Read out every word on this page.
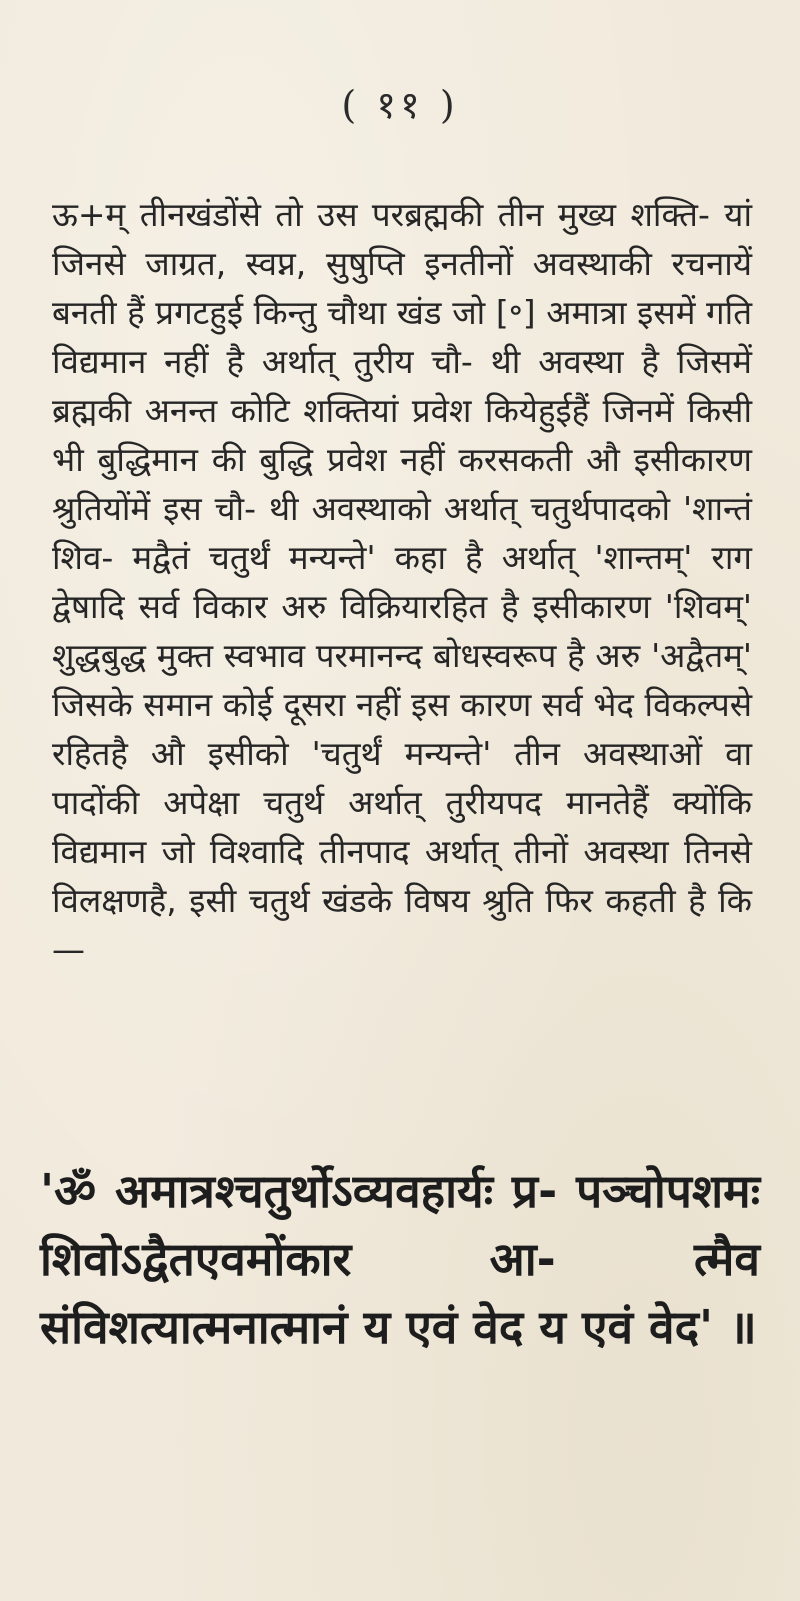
( ११ )

ऊ+म् तीनखंडोंसे तो उस परब्रह्मकी तीन मुख्य शक्ति- यां जिनसे जाग्रत, स्वप्न, सुषुप्ति इनतीनों अवस्थाकी रचनायें बनती हैं प्रगटहुई किन्तु चौथा खंड जो [॰] अमात्रा इसमें गति विद्यमान नहीं है अर्थात् तुरीय चौ- थी अवस्था है जिसमें ब्रह्मकी अनन्त कोटि शक्तियां प्रवेश कियेहुईहैं जिनमें किसी भी बुद्धिमान की बुद्धि प्रवेश नहीं करसकती औ इसीकारण श्रुतियोंमें इस चौ- थी अवस्थाको अर्थात् चतुर्थपादको 'शान्तं शिव- मद्वैतं चतुर्थं मन्यन्ते' कहा है अर्थात् 'शान्तम्' राग द्वेषादि सर्व विकार अरु विक्रियारहित है इसीकारण 'शिवम्' शुद्धबुद्ध मुक्त स्वभाव परमानन्द बोधस्वरूप है अरु 'अद्वैतम्' जिसके समान कोई दूसरा नहीं इस कारण सर्व भेद विकल्पसे रहितहै औ इसीको 'चतुर्थं मन्यन्ते' तीन अवस्थाओं वा पादोंकी अपेक्षा चतुर्थ अर्थात् तुरीयपद मानतेहैं क्योंकि विद्यमान जो विश्वादि तीनपाद अर्थात् तीनों अवस्था तिनसे विलक्षणहै, इसी चतुर्थ खंडके विषय श्रुति फिर कहती है कि—

'ॐ अमात्रश्चतुर्थोऽव्यवहार्यः प्र- पञ्चोपशमः शिवोऽद्वैतएवमोंकार आ- त्मैव संविशत्यात्मनात्मानं य एवं वेद य एवं वेद' ॥
